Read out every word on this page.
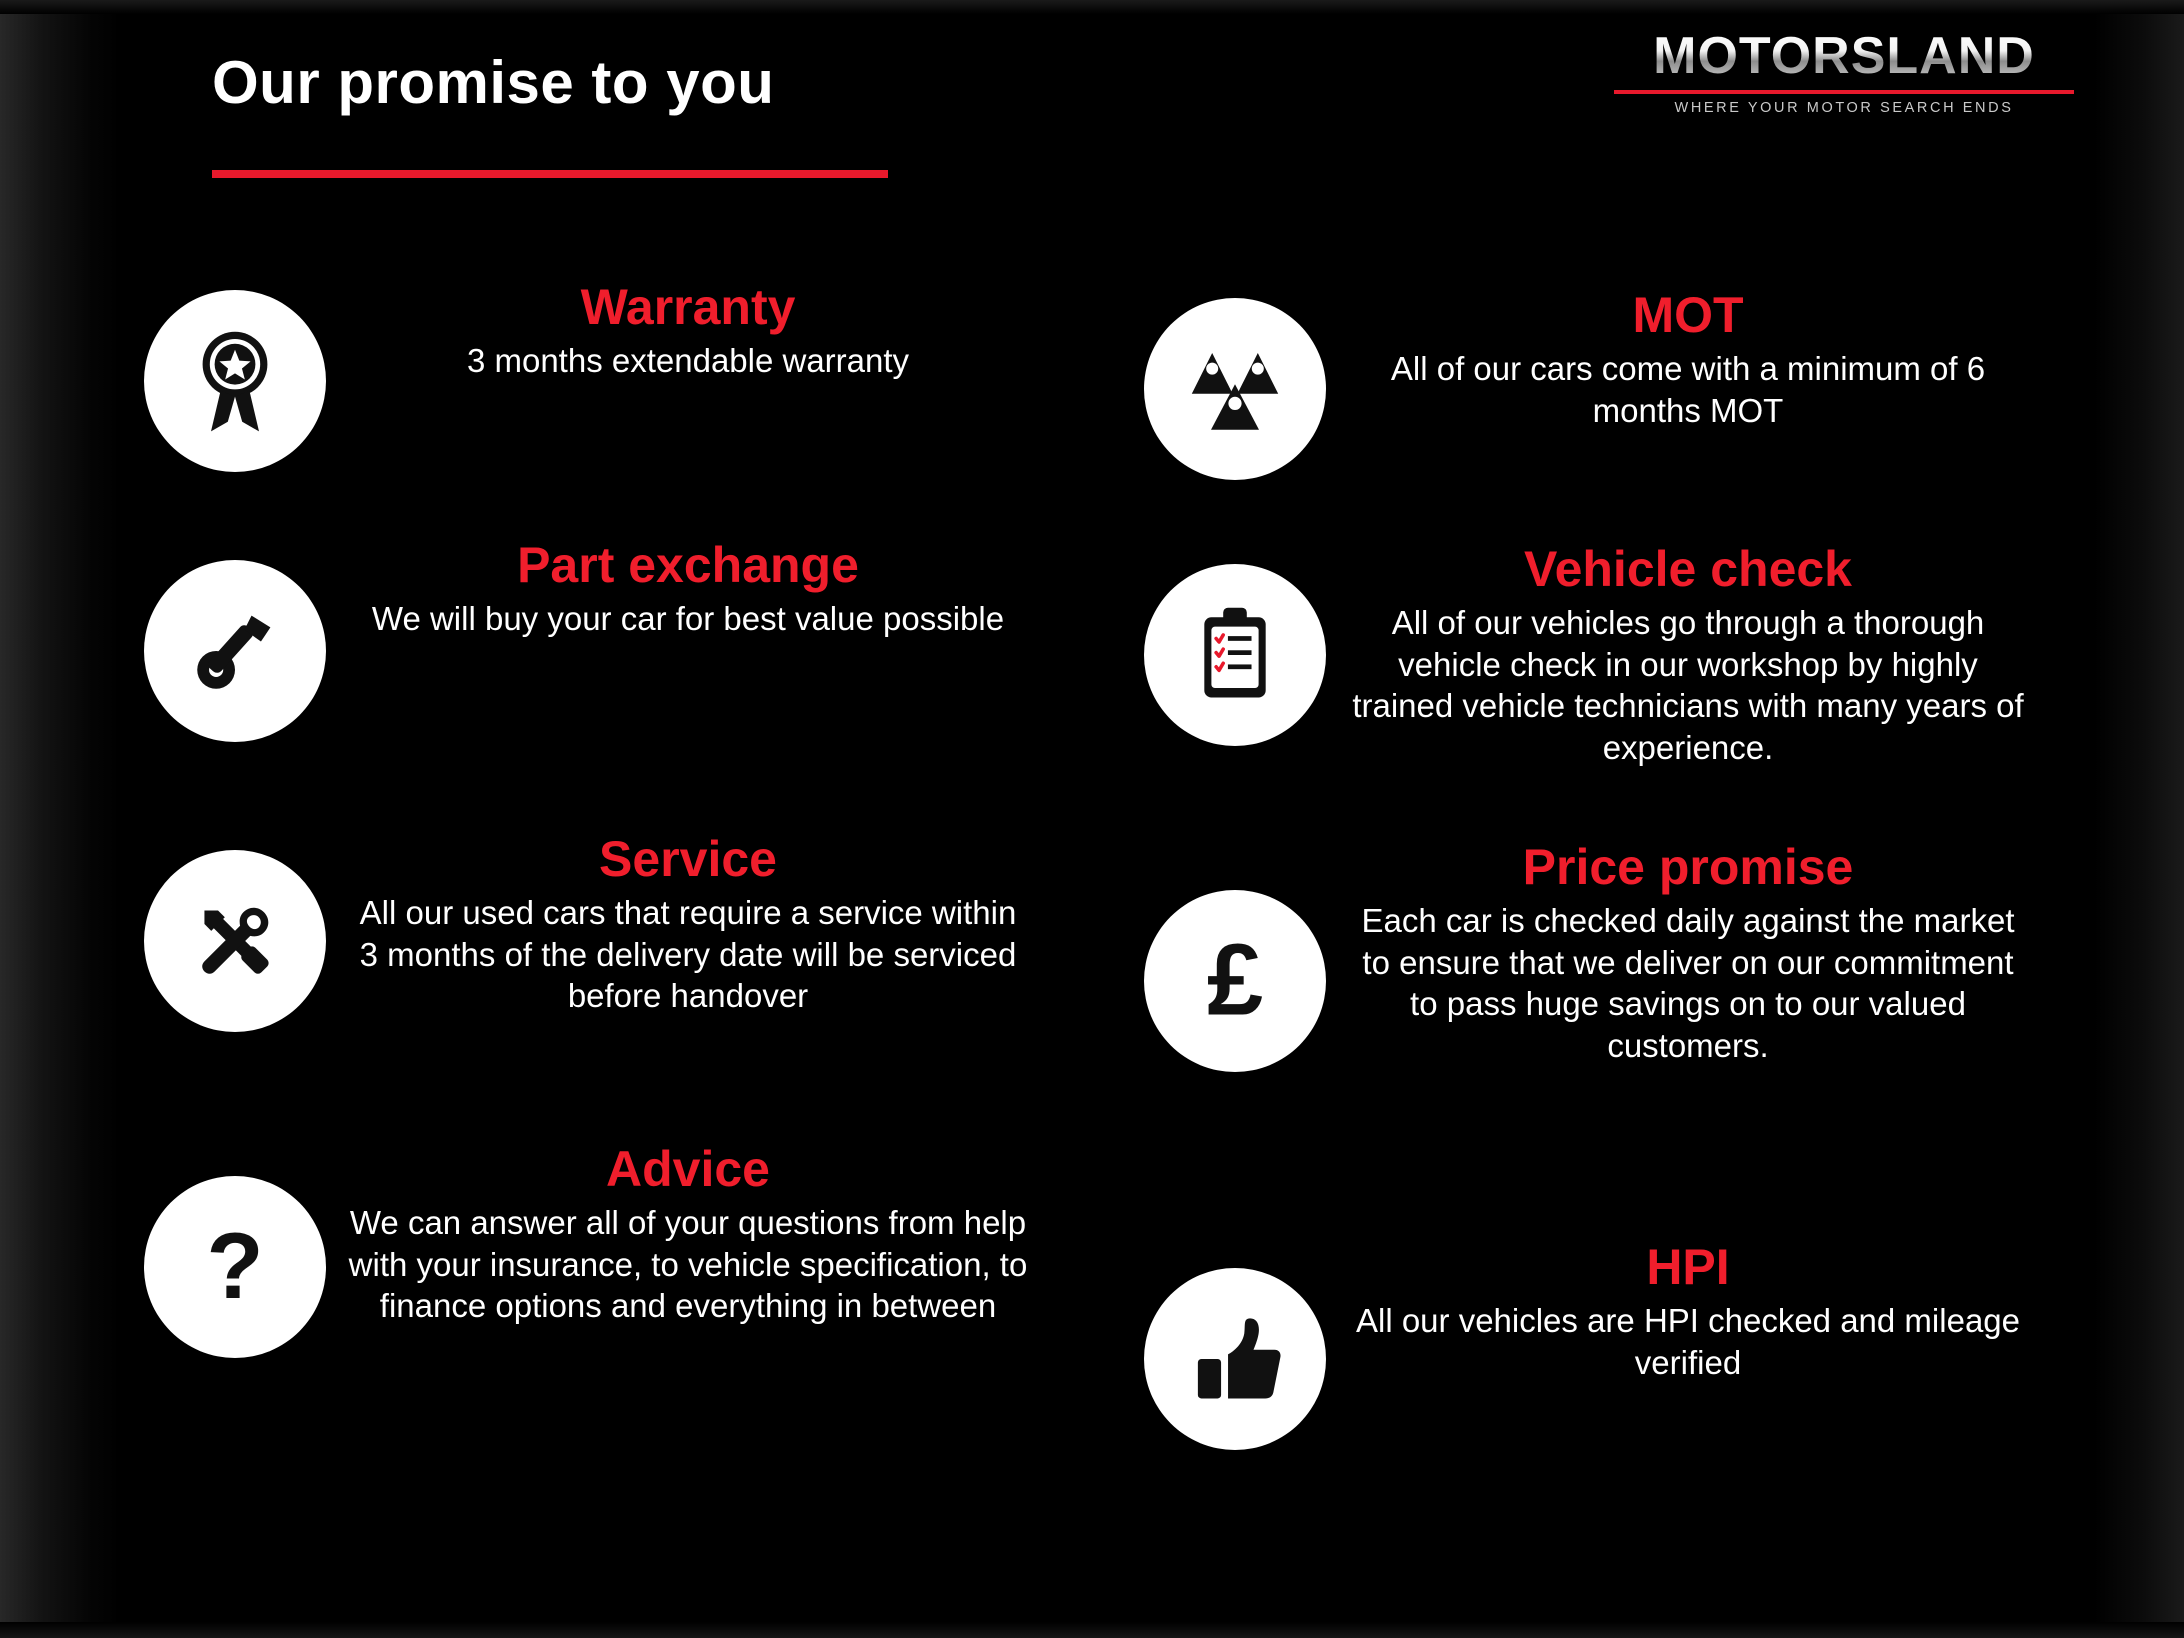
Our promise to you	MOTORSLAND
WHERE YOUR MOTOR SEARCH ENDS

Warranty

3 months extendable warranty

Part exchange

We will buy your car for best value possible

Service

All our used cars that require a service within 3 months of the delivery date will be serviced before handover

?

Advice

We can answer all of your questions from help with your insurance, to vehicle specification, to finance options and everything in between

MOT

All of our cars come with a minimum of 6 months MOT

Vehicle check

All of our vehicles go through a thorough vehicle check in our workshop by highly trained vehicle technicians with many years of experience.

£

Price promise

Each car is checked daily against the market to ensure that we deliver on our commitment to pass huge savings on to our valued customers.

HPI

All our vehicles are HPI checked and mileage verified
